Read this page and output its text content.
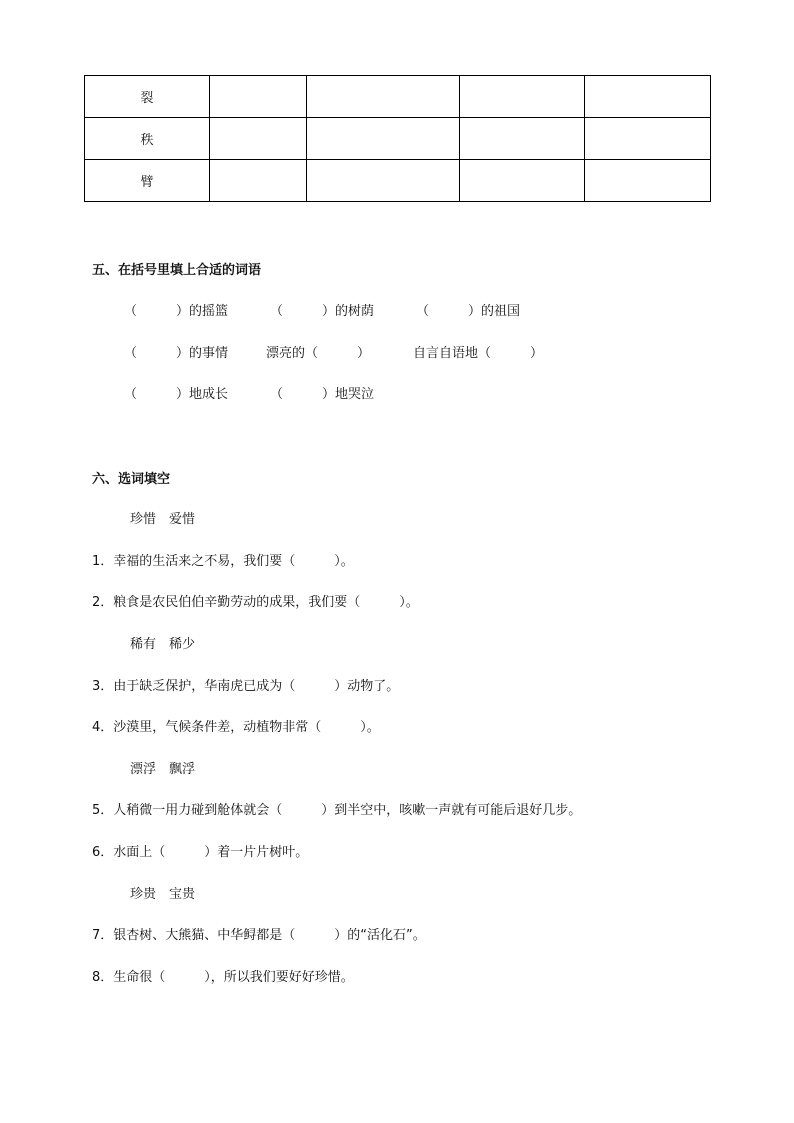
裂				
秩				
臂				
五、在括号里填上合适的词语
（　　　）的摇篮	（　　　）的树荫	（　　　）的祖国
（　　　）的事情	漂亮的（　　　）	自言自语地（　　　）
（　　　）地成长	（　　　）地哭泣
六、选词填空
珍惜　爱惜
1．幸福的生活来之不易，我们要（　　　）。
2．粮食是农民伯伯辛勤劳动的成果，我们要（　　　）。
稀有　稀少
3．由于缺乏保护，华南虎已成为（　　　）动物了。
4．沙漠里，气候条件差，动植物非常（　　　）。
漂浮　飘浮
5．人稍微一用力碰到舱体就会（　　　）到半空中，咳嗽一声就有可能后退好几步。
6．水面上（　　　）着一片片树叶。
珍贵　宝贵
7．银杏树、大熊猫、中华鲟都是（　　　）的“活化石”。
8．生命很（　　　），所以我们要好好珍惜。
